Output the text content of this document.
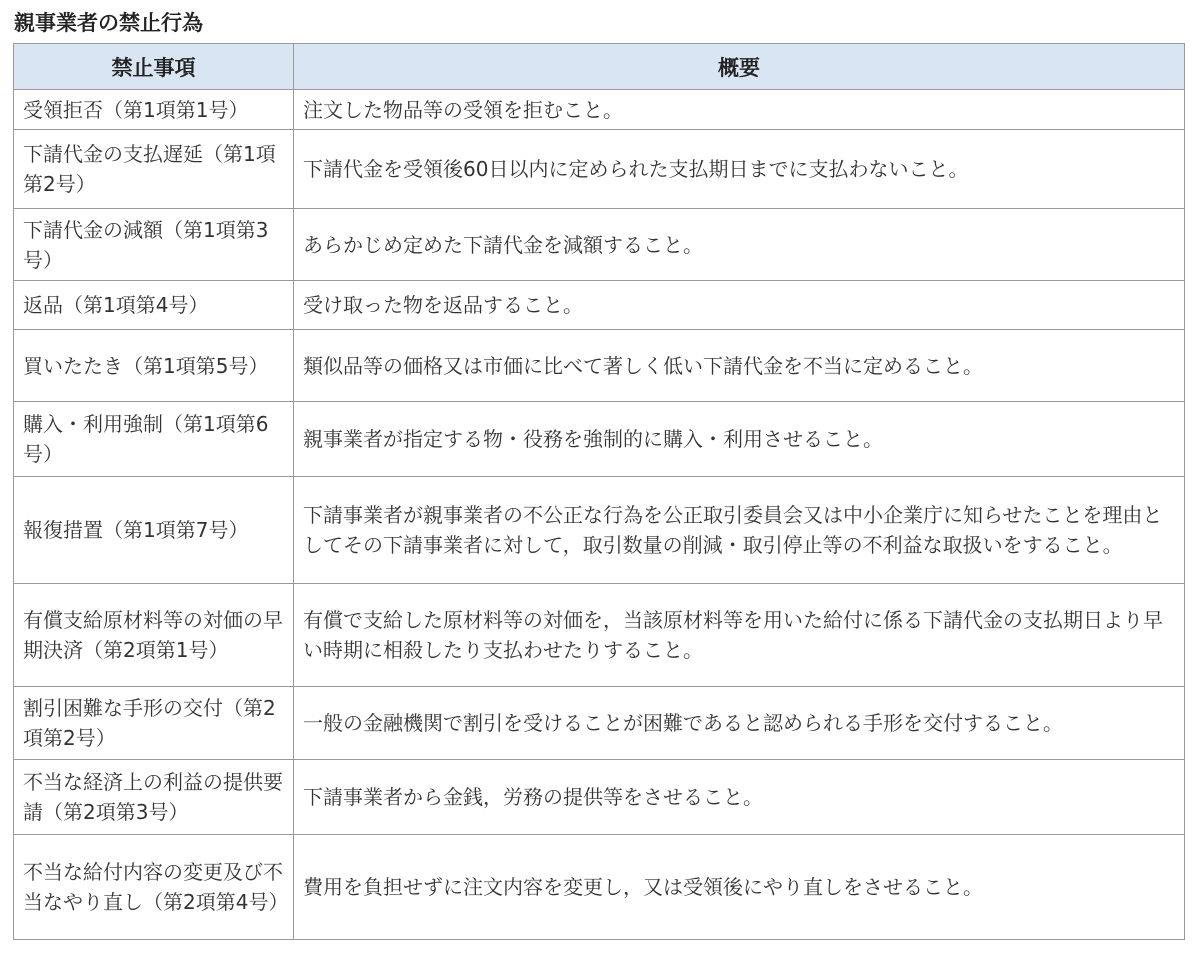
親事業者の禁止行為
禁止事項	概要
受領拒否（第1項第1号）	注文した物品等の受領を拒むこと。
下請代金の支払遅延（第1項第2号）	下請代金を受領後60日以内に定められた支払期日までに支払わないこと。
下請代金の減額（第1項第3号）	あらかじめ定めた下請代金を減額すること。
返品（第1項第4号）	受け取った物を返品すること。
買いたたき（第1項第5号）	類似品等の価格又は市価に比べて著しく低い下請代金を不当に定めること。
購入・利用強制（第1項第6号）	親事業者が指定する物・役務を強制的に購入・利用させること。
報復措置（第1項第7号）	下請事業者が親事業者の不公正な行為を公正取引委員会又は中小企業庁に知らせたことを理由としてその下請事業者に対して，取引数量の削減・取引停止等の不利益な取扱いをすること。
有償支給原材料等の対価の早期決済（第2項第1号）	有償で支給した原材料等の対価を，当該原材料等を用いた給付に係る下請代金の支払期日より早い時期に相殺したり支払わせたりすること。
割引困難な手形の交付（第2項第2号）	一般の金融機関で割引を受けることが困難であると認められる手形を交付すること。
不当な経済上の利益の提供要請（第2項第3号）	下請事業者から金銭，労務の提供等をさせること。
不当な給付内容の変更及び不当なやり直し（第2項第4号）	費用を負担せずに注文内容を変更し，又は受領後にやり直しをさせること。
